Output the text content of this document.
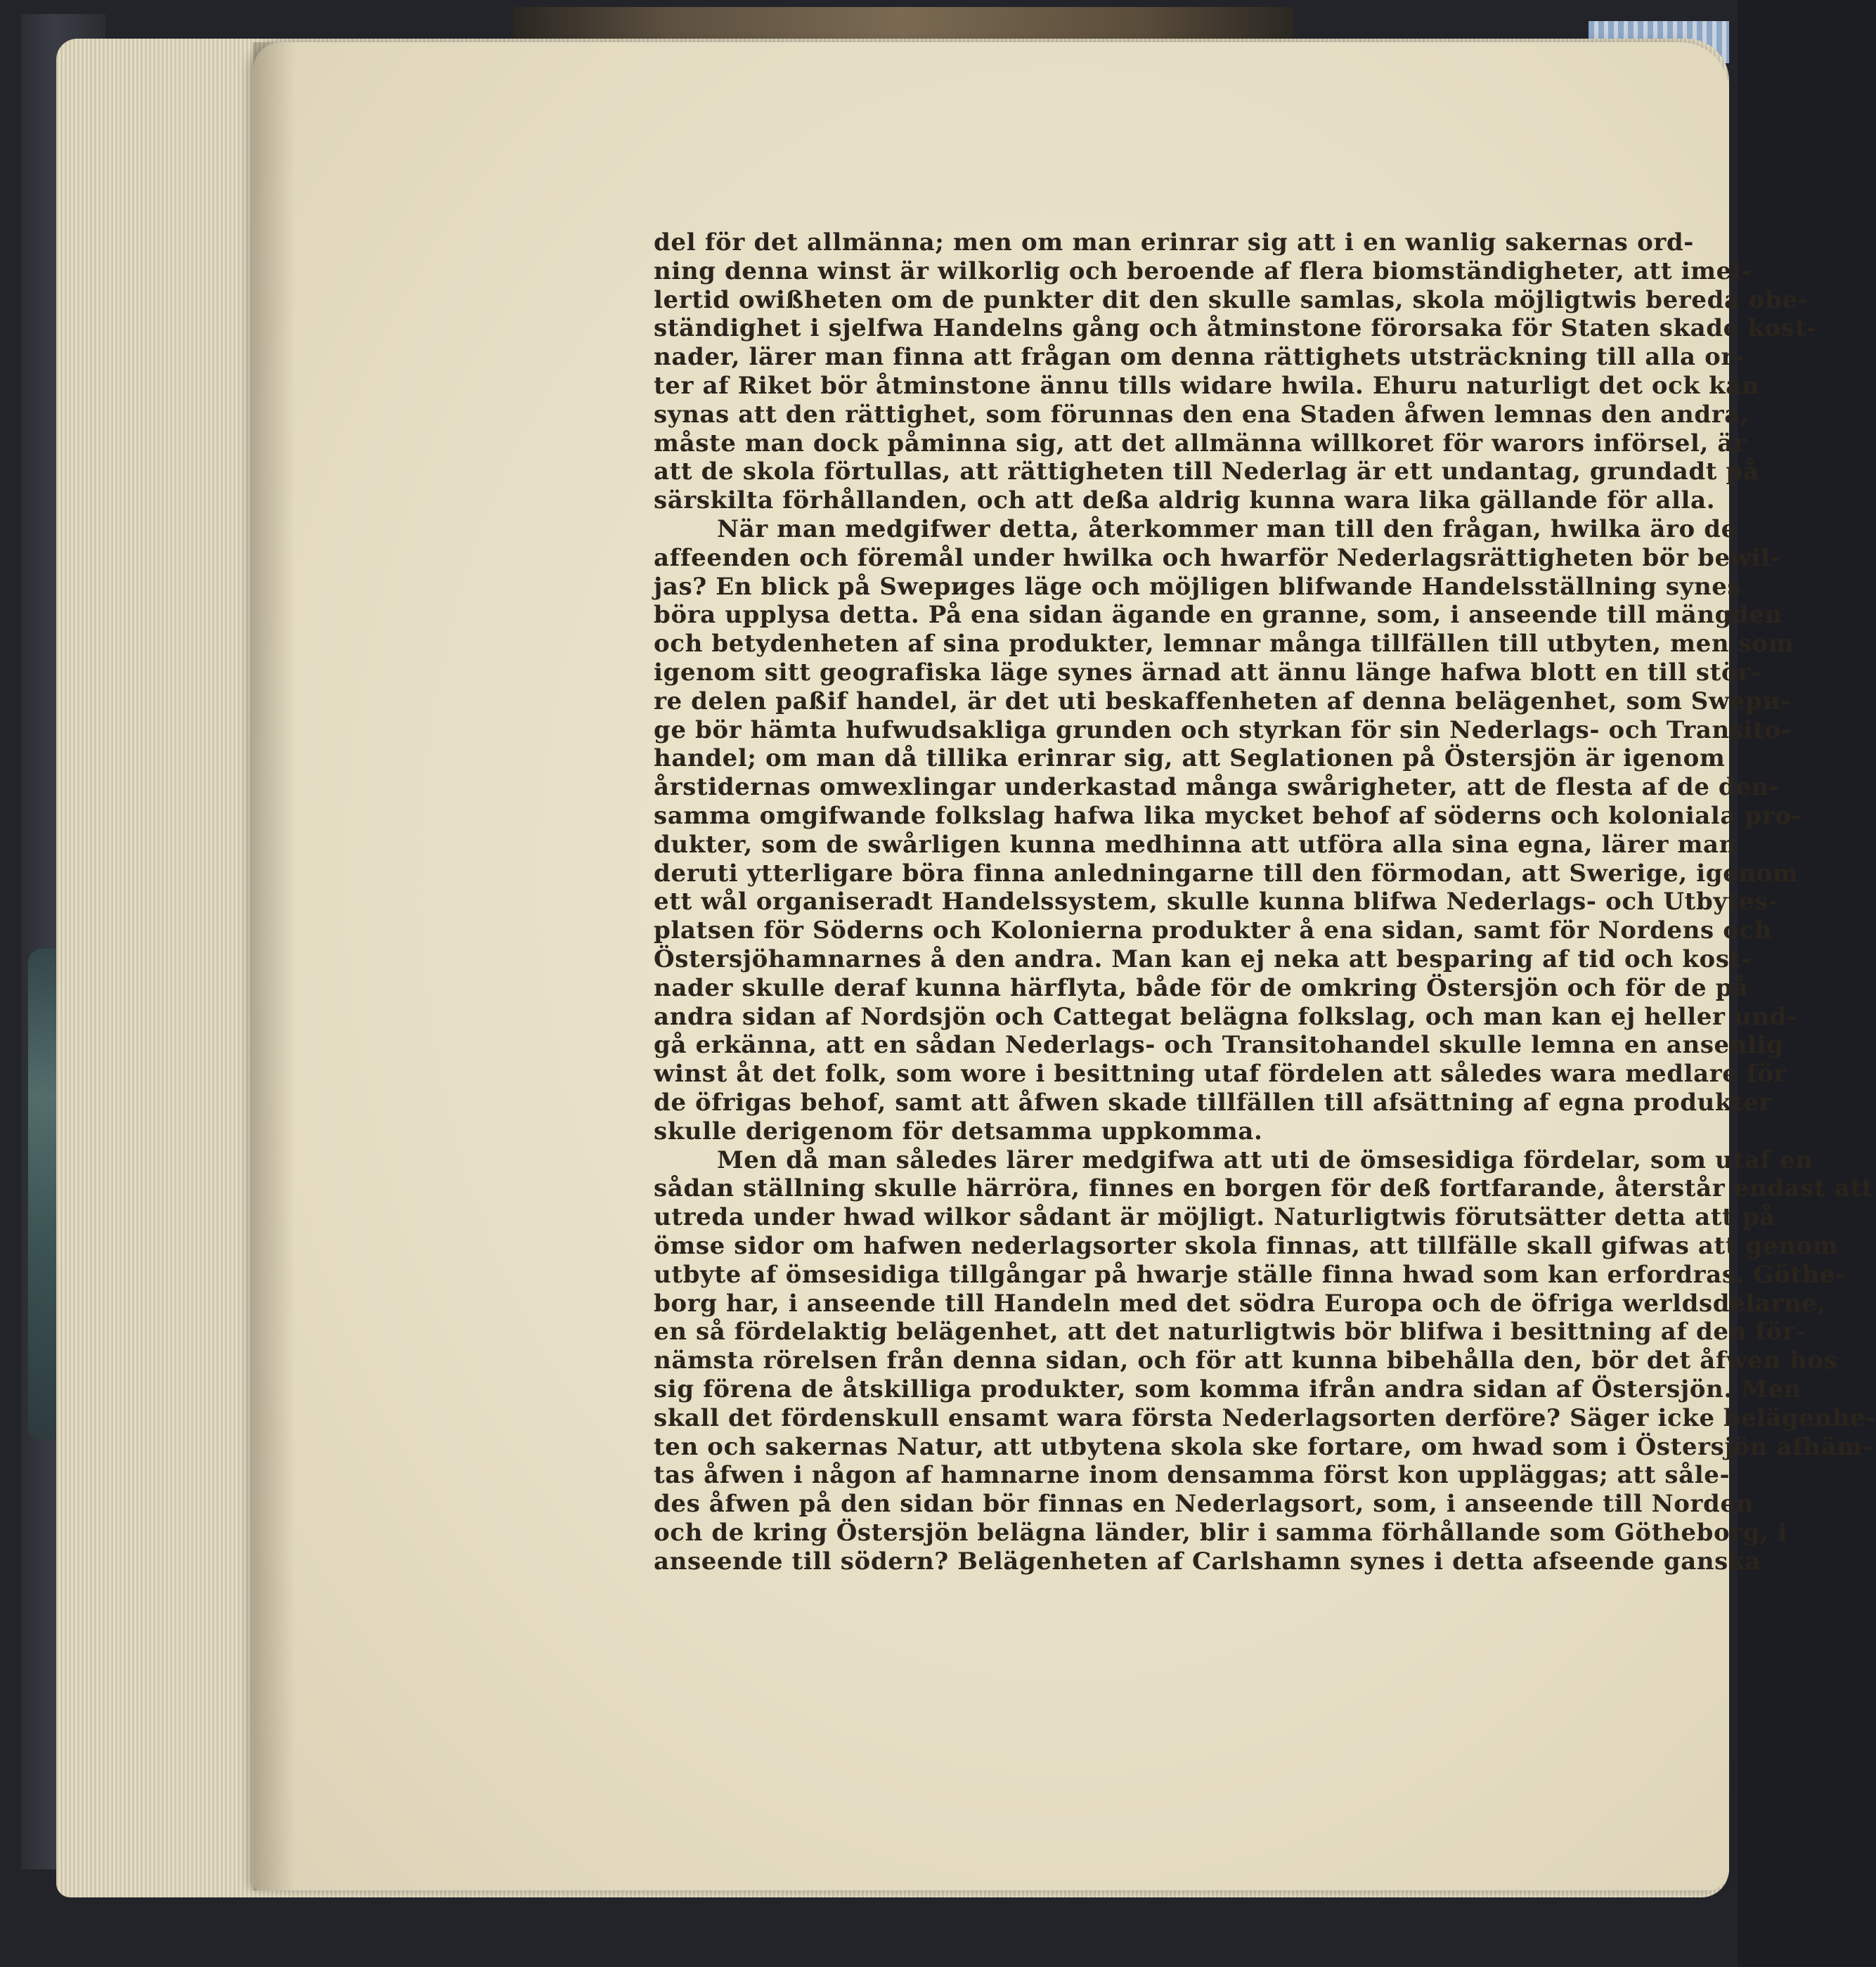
del för det allmänna; men om man erinrar sig att i en wanlig sakernas ord-
ning denna winst är wilkorlig och beroende af flera biomständigheter, att imel-
lertid owißheten om de punkter dit den skulle samlas, skola möjligtwis bereda obe-
ständighet i sjelfwa Handelns gång och åtminstone förorsaka för Staten skade kost-
nader, lärer man finna att frågan om denna rättighets utsträckning till alla or-
ter af Riket bör åtminstone ännu tills widare hwila. Ehuru naturligt det ock kan
synas att den rättighet, som förunnas den ena Staden åfwen lemnas den andra,
måste man dock påminna sig, att det allmänna willkoret för warors införsel, är
att de skola förtullas, att rättigheten till Nederlag är ett undantag, grundadt på
särskilta förhållanden, och att deßa aldrig kunna wara lika gällande för alla.
När man medgifwer detta, återkommer man till den frågan, hwilka äro de
affeenden och föremål under hwilka och hwarför Nederlagsrättigheten bör bewil-
jas? En blick på Swериges läge och möjligen blifwande Handelsställning synes
böra upplysa detta. På ena sidan ägande en granne, som, i anseende till mängden
och betydenheten af sina produkter, lemnar många tillfällen till utbyten, men som
igenom sitt geografiska läge synes ärnad att ännu länge hafwa blott en till stör-
re delen paßif handel, är det uti beskaffenheten af denna belägenhet, som Swери-
ge bör hämta hufwudsakliga grunden och styrkan för sin Nederlags- och Transito-
handel; om man då tillika erinrar sig, att Seglationen på Östersjön är igenom
årstidernas omwexlingar underkastad många swårigheter, att de flesta af de den-
samma omgifwande folkslag hafwa lika mycket behof af söderns och koloniala pro-
dukter, som de swårligen kunna medhinna att utföra alla sina egna, lärer man
deruti ytterligare böra finna anledningarne till den förmodan, att Swerige, igenom
ett wål organiseradt Handelssystem, skulle kunna blifwa Nederlags- och Utbytes-
platsen för Söderns och Kolonierna produkter å ena sidan, samt för Nordens och
Östersjöhamnarnes å den andra. Man kan ej neka att besparing af tid och kost-
nader skulle deraf kunna härflyta, både för de omkring Östersjön och för de på
andra sidan af Nordsjön och Cattegat belägna folkslag, och man kan ej heller und-
gå erkänna, att en sådan Nederlags- och Transitohandel skulle lemna en ansenlig
winst åt det folk, som wore i besittning utaf fördelen att således wara medlare för
de öfrigas behof, samt att åfwen skade tillfällen till afsättning af egna produkter
skulle derigenom för detsamma uppkomma.
Men då man således lärer medgifwa att uti de ömsesidiga fördelar, som utaf en
sådan ställning skulle härröra, finnes en borgen för deß fortfarande, återstår endast att
utreda under hwad wilkor sådant är möjligt. Naturligtwis förutsätter detta att på
ömse sidor om hafwen nederlagsorter skola finnas, att tillfälle skall gifwas att genom
utbyte af ömsesidiga tillgångar på hwarje ställe finna hwad som kan erfordras. Göthe-
borg har, i anseende till Handeln med det södra Europa och de öfriga werldsdelarne,
en så fördelaktig belägenhet, att det naturligtwis bör blifwa i besittning af den för-
nämsta rörelsen från denna sidan, och för att kunna bibehålla den, bör det åfwen hos
sig förena de åtskilliga produkter, som komma ifrån andra sidan af Östersjön. Men
skall det fördenskull ensamt wara första Nederlagsorten derföre? Säger icke belägenhe-
ten och sakernas Natur, att utbytena skola ske fortare, om hwad som i Östersjön afhäm-
tas åfwen i någon af hamnarne inom densamma först kon uppläggas; att såle-
des åfwen på den sidan bör finnas en Nederlagsort, som, i anseende till Norden
och de kring Östersjön belägna länder, blir i samma förhållande som Götheborg, i
anseende till södern? Belägenheten af Carlshamn synes i detta afseende ganska
